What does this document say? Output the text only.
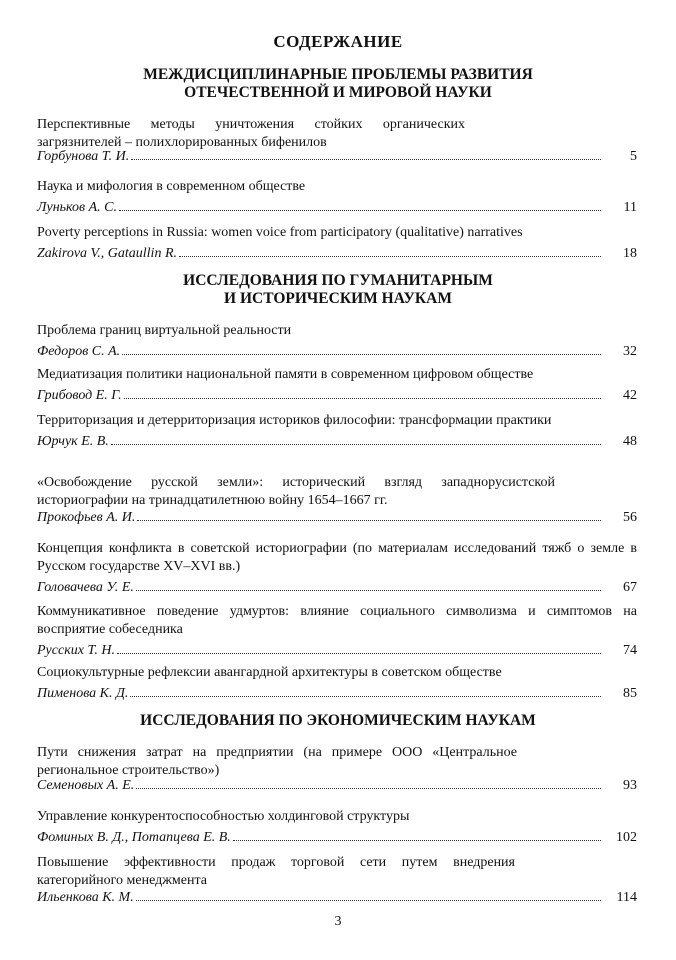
СОДЕРЖАНИЕ
МЕЖДИСЦИПЛИНАРНЫЕ ПРОБЛЕМЫ РАЗВИТИЯ
ОТЕЧЕСТВЕННОЙ И МИРОВОЙ НАУКИ
Перспективные методы уничтожения стойких органических загрязнителей – полихлорированных бифенилов
Горбунова Т. И.	5
Наука и мифология в современном обществе
Луньков А. С.	11
Poverty perceptions in Russia: women voice from participatory (qualitative) narratives
Zakirova V., Gataullin R.	18
ИССЛЕДОВАНИЯ ПО ГУМАНИТАРНЫМ
И ИСТОРИЧЕСКИМ НАУКАМ
Проблема границ виртуальной реальности
Федоров С. А.	32
Медиатизация политики национальной памяти в современном цифровом обществе
Грибовод Е. Г.	42
Территоризация и детерриторизация историков философии: трансформации практики
Юрчук Е. В.	48
«Освобождение русской земли»: исторический взгляд западнорусистской историографии на тринадцатилетнюю войну 1654–1667 гг.
Прокофьев А. И.	56
Концепция конфликта в советской историографии (по материалам исследований тяжб о земле в Русском государстве XV–XVI вв.)
Головачева У. Е.	67
Коммуникативное поведение удмуртов: влияние социального символизма и симптомов на восприятие собеседника
Русских Т. Н.	74
Социокультурные рефлексии авангардной архитектуры в советском обществе
Пименова К. Д.	85
ИССЛЕДОВАНИЯ ПО ЭКОНОМИЧЕСКИМ НАУКАМ
Пути снижения затрат на предприятии (на примере ООО «Центральное региональное строительство»)
Семеновых А. Е.	93
Управление конкурентоспособностью холдинговой структуры
Фоминых В. Д., Потапцева Е. В.	102
Повышение эффективности продаж торговой сети путем внедрения категорийного менеджмента
Ильенкова К. М.	114
3
